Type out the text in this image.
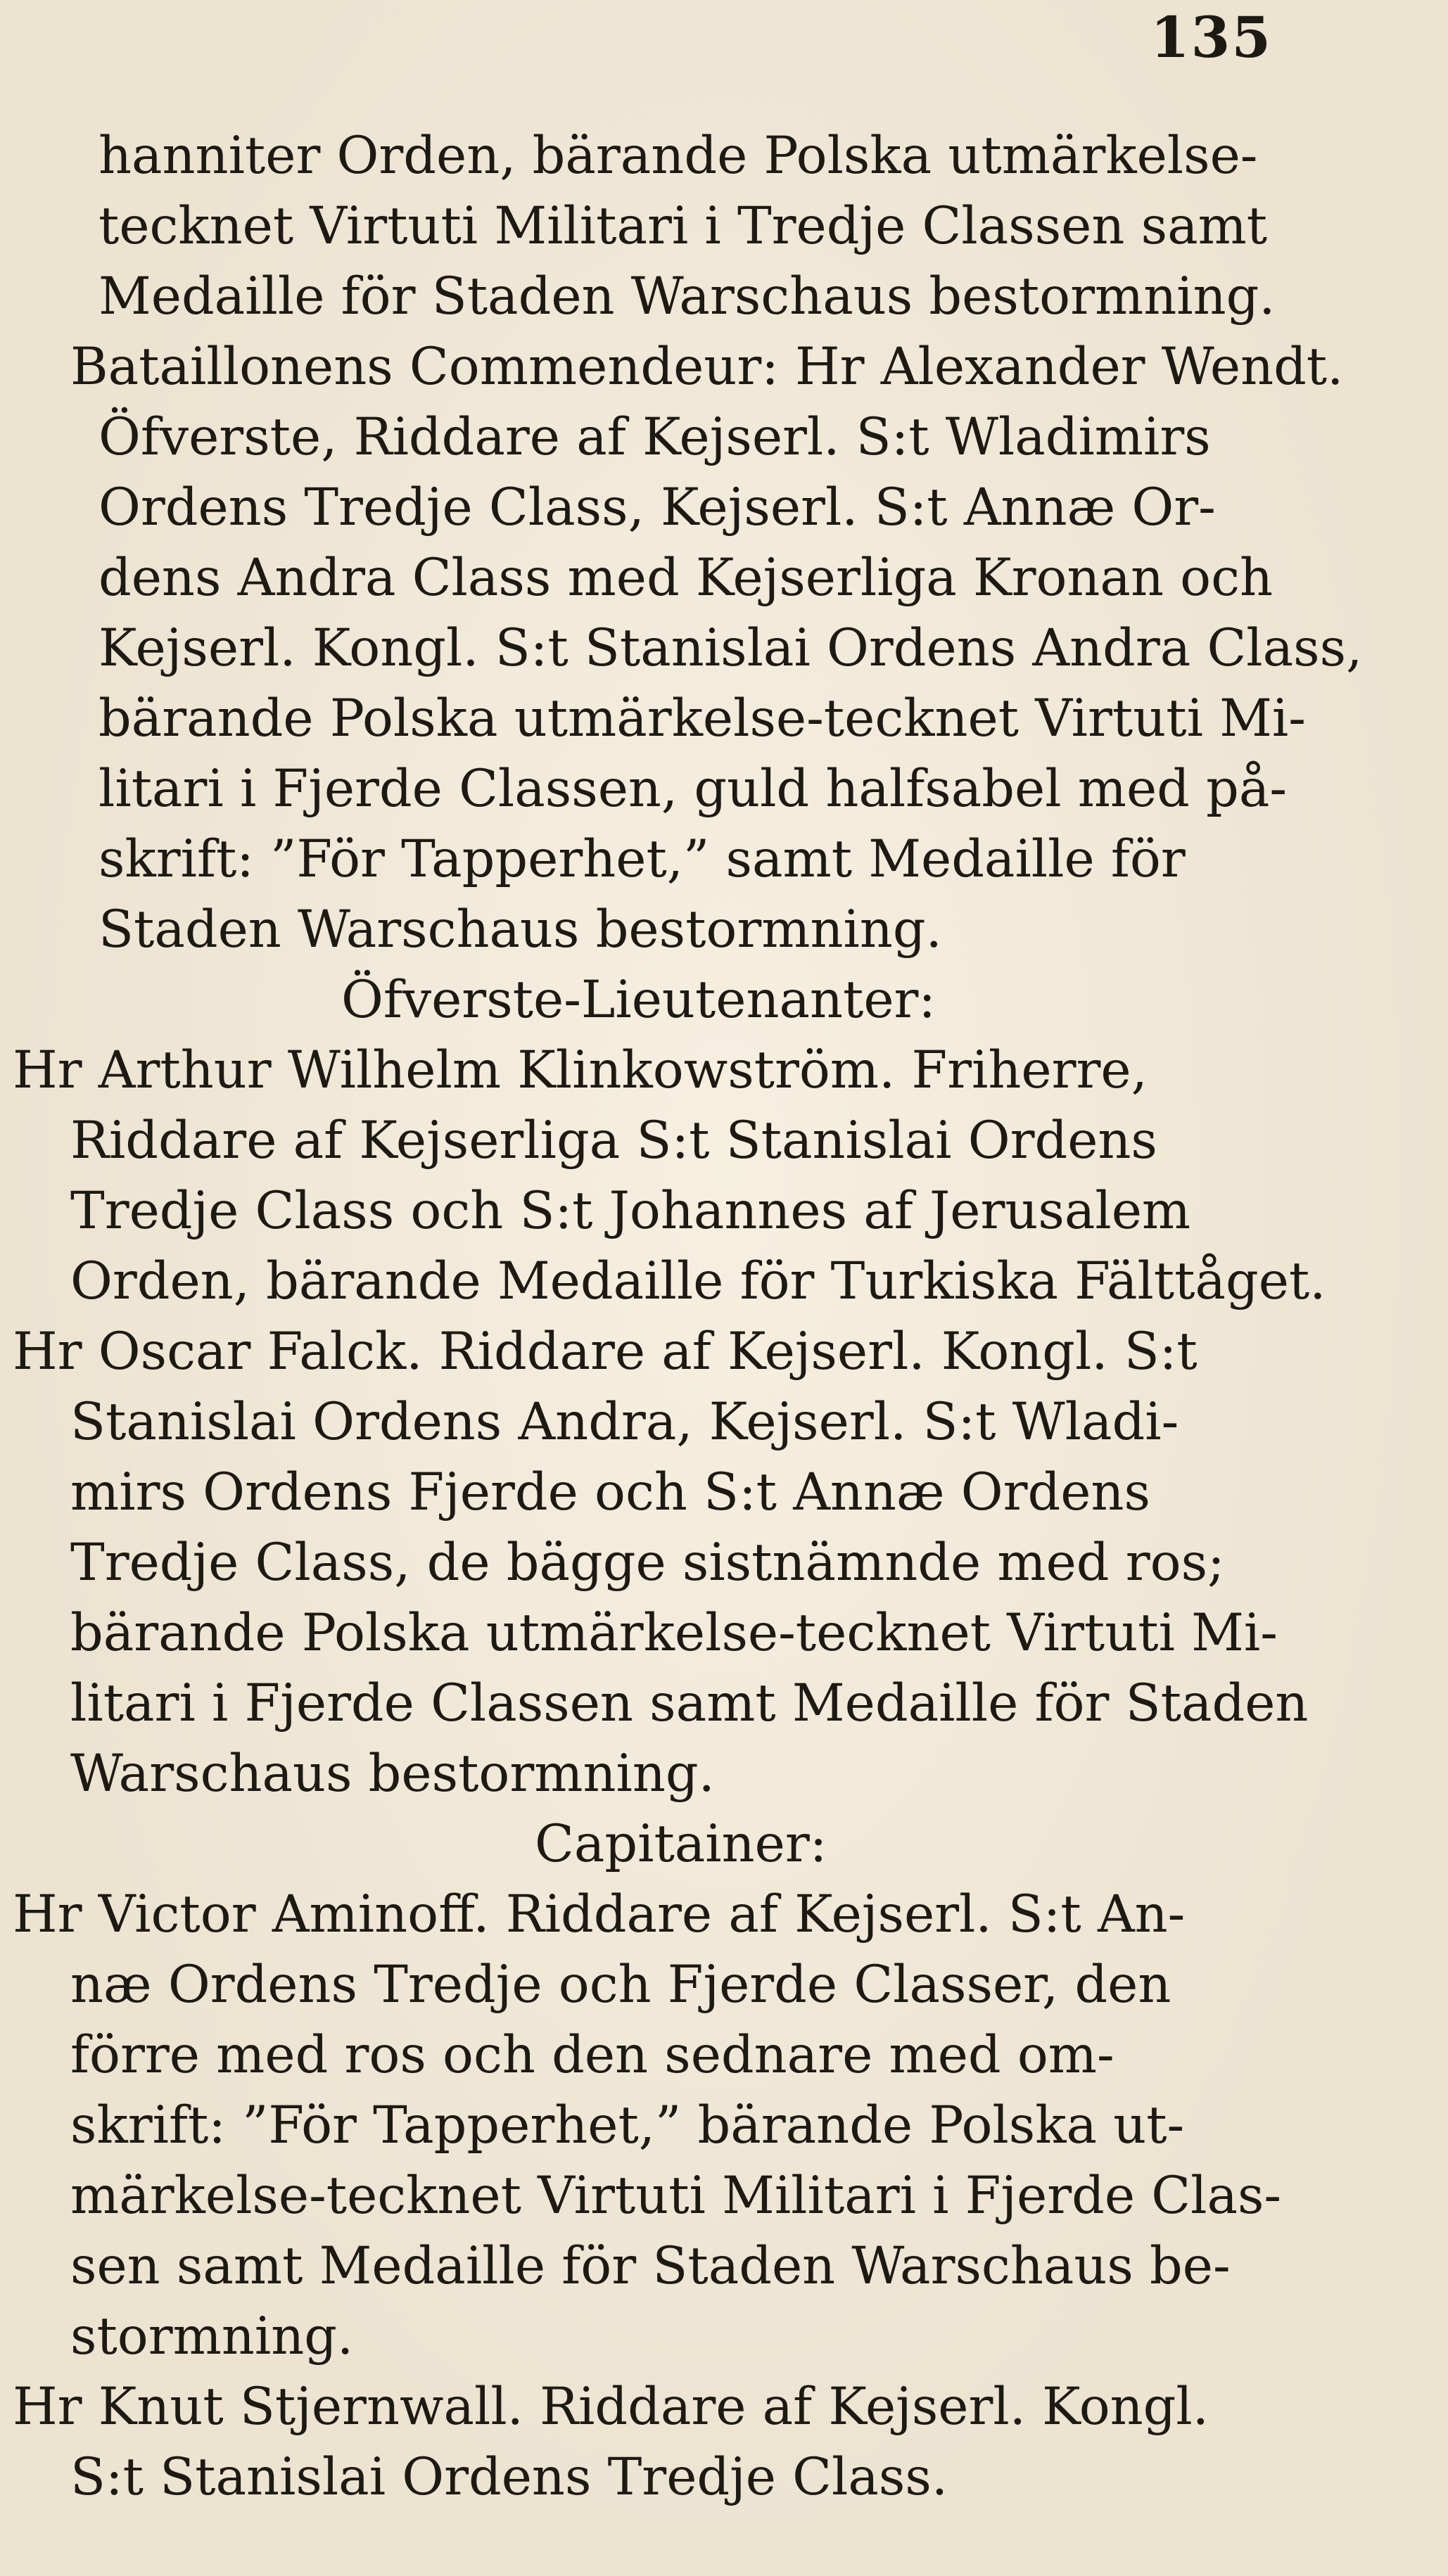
135
hanniter Orden, bärande Polska utmärkelse-
tecknet Virtuti Militari i Tredje Classen samt
Medaille för Staden Warschaus bestormning.
Bataillonens Commendeur: Hr Alexander Wendt.
Öfverste, Riddare af Kejserl. S:t Wladimirs
Ordens Tredje Class, Kejserl. S:t Annæ Or-
dens Andra Class med Kejserliga Kronan och
Kejserl. Kongl. S:t Stanislai Ordens Andra Class,
bärande Polska utmärkelse-tecknet Virtuti Mi-
litari i Fjerde Classen, guld halfsabel med på-
skrift: ”För Tapperhet,” samt Medaille för
Staden Warschaus bestormning.
Öfverste-Lieutenanter:
Hr Arthur Wilhelm Klinkowström. Friherre,
Riddare af Kejserliga S:t Stanislai Ordens
Tredje Class och S:t Johannes af Jerusalem
Orden, bärande Medaille för Turkiska Fälttåget.
Hr Oscar Falck. Riddare af Kejserl. Kongl. S:t
Stanislai Ordens Andra, Kejserl. S:t Wladi-
mirs Ordens Fjerde och S:t Annæ Ordens
Tredje Class, de bägge sistnämnde med ros;
bärande Polska utmärkelse-tecknet Virtuti Mi-
litari i Fjerde Classen samt Medaille för Staden
Warschaus bestormning.
Capitainer:
Hr Victor Aminoff. Riddare af Kejserl. S:t An-
næ Ordens Tredje och Fjerde Classer, den
förre med ros och den sednare med om-
skrift: ”För Tapperhet,” bärande Polska ut-
märkelse-tecknet Virtuti Militari i Fjerde Clas-
sen samt Medaille för Staden Warschaus be-
stormning.
Hr Knut Stjernwall. Riddare af Kejserl. Kongl.
S:t Stanislai Ordens Tredje Class.
